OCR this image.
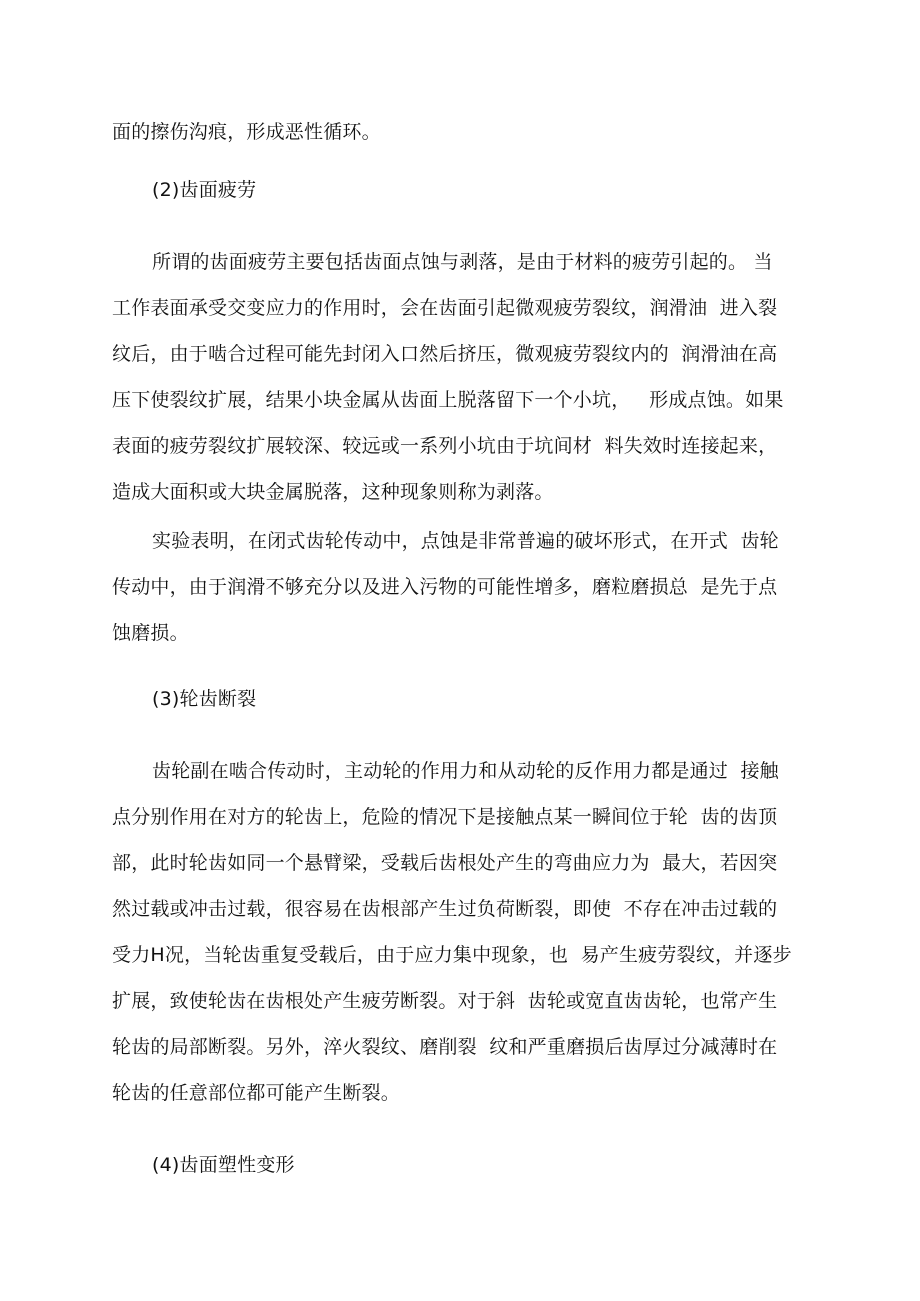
面的擦伤沟痕，形成恶性循环。
(2)齿面疲劳
所谓的齿面疲劳主要包括齿面点蚀与剥落，是由于材料的疲劳引起的。 当
工作表面承受交变应力的作用时，会在齿面引起微观疲劳裂纹，润滑油  进入裂
纹后，由于啮合过程可能先封闭入口然后挤压，微观疲劳裂纹内的  润滑油在高
压下使裂纹扩展，结果小块金属从齿面上脱落留下一个小坑，   形成点蚀。如果
表面的疲劳裂纹扩展较深、较远或一系列小坑由于坑间材  料失效时连接起来，
造成大面积或大块金属脱落，这种现象则称为剥落。
实验表明，在闭式齿轮传动中，点蚀是非常普遍的破坏形式，在开式  齿轮
传动中，由于润滑不够充分以及进入污物的可能性增多，磨粒磨损总  是先于点
蚀磨损。
(3)轮齿断裂
齿轮副在啮合传动时，主动轮的作用力和从动轮的反作用力都是通过  接触
点分别作用在对方的轮齿上，危险的情况下是接触点某一瞬间位于轮  齿的齿顶
部，此时轮齿如同一个悬臂梁，受载后齿根处产生的弯曲应力为  最大，若因突
然过载或冲击过载，很容易在齿根部产生过负荷断裂，即使  不存在冲击过载的
受力H况，当轮齿重复受载后，由于应力集中现象，也  易产生疲劳裂纹，并逐步
扩展，致使轮齿在齿根处产生疲劳断裂。对于斜  齿轮或宽直齿齿轮，也常产生
轮齿的局部断裂。另外，淬火裂纹、磨削裂  纹和严重磨损后齿厚过分减薄时在
轮齿的任意部位都可能产生断裂。
(4)齿面塑性变形
